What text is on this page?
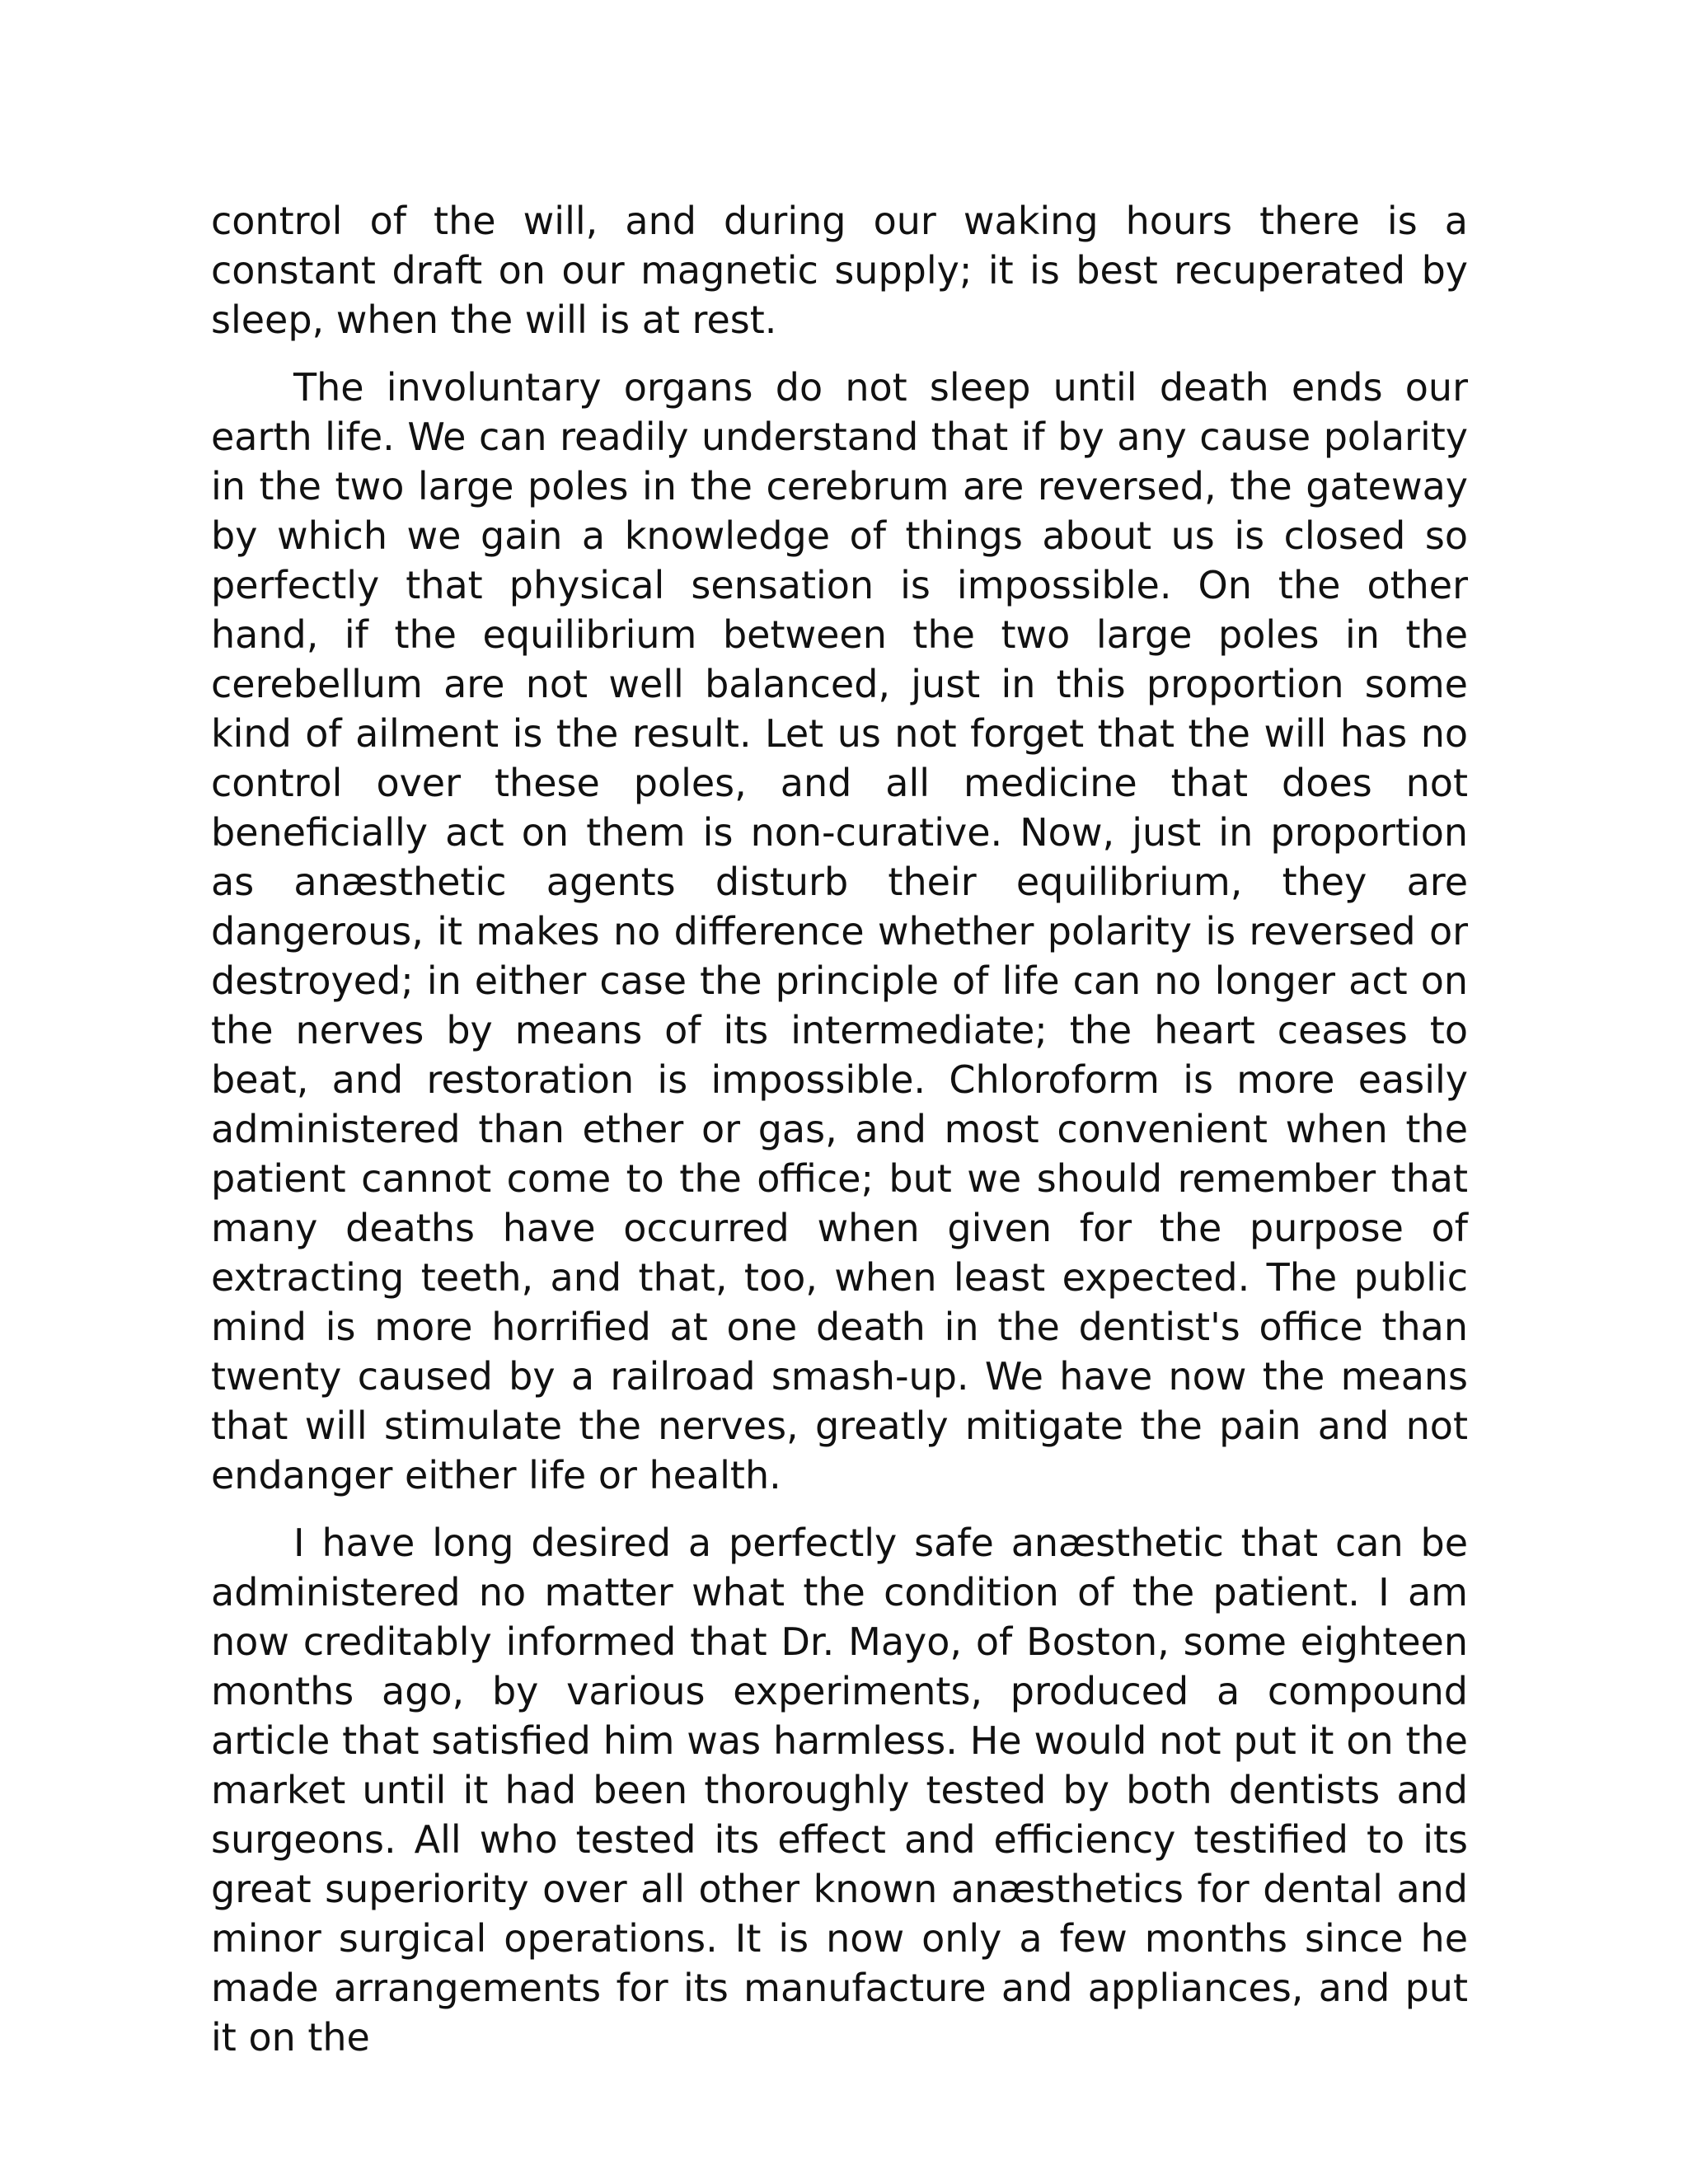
control of the will, and during our waking hours there is a constant draft on our magnetic supply; it is best recuperated by sleep, when the will is at rest.

The involuntary organs do not sleep until death ends our earth life. We can readily understand that if by any cause polarity in the two large poles in the cerebrum are reversed, the gateway by which we gain a knowledge of things about us is closed so perfectly that physical sensation is impossible. On the other hand, if the equilibrium between the two large poles in the cerebellum are not well balanced, just in this proportion some kind of ailment is the result. Let us not forget that the will has no control over these poles, and all medicine that does not beneficially act on them is non-curative. Now, just in proportion as anæsthetic agents disturb their equilibrium, they are dangerous, it makes no difference whether polarity is reversed or destroyed; in either case the principle of life can no longer act on the nerves by means of its intermediate; the heart ceases to beat, and restoration is impossible. Chloroform is more easily administered than ether or gas, and most convenient when the patient cannot come to the office; but we should remember that many deaths have occurred when given for the purpose of extracting teeth, and that, too, when least expected. The public mind is more horrified at one death in the dentist's office than twenty caused by a railroad smash-up. We have now the means that will stimulate the nerves, greatly mitigate the pain and not endanger either life or health.

I have long desired a perfectly safe anæsthetic that can be administered no matter what the condition of the patient. I am now creditably informed that Dr. Mayo, of Boston, some eighteen months ago, by various experiments, produced a compound article that satisfied him was harmless. He would not put it on the market until it had been thoroughly tested by both dentists and surgeons. All who tested its effect and efficiency testified to its great superiority over all other known anæsthetics for dental and minor surgical operations. It is now only a few months since he made arrangements for its manufacture and appliances, and put it on the
